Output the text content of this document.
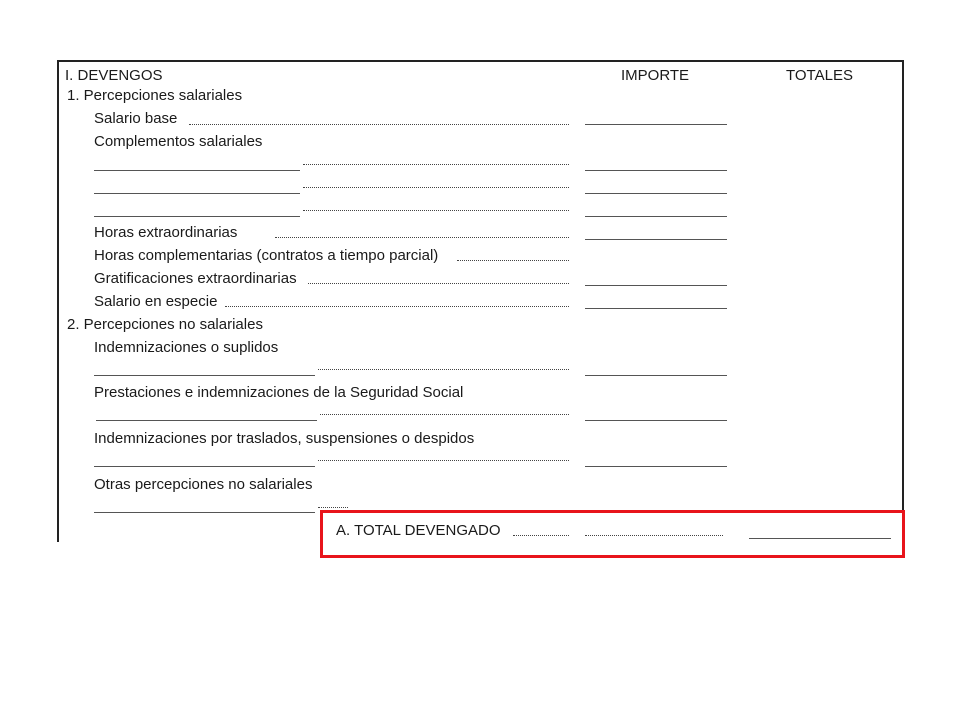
I. DEVENGOS	IMPORTE	TOTALES
1. Percepciones salariales
Salario base
Complementos salariales
Horas extraordinarias
Horas complementarias (contratos a tiempo parcial)
Gratificaciones extraordinarias
Salario en especie
2. Percepciones no salariales
Indemnizaciones o suplidos
Prestaciones e indemnizaciones de la Seguridad Social
Indemnizaciones por traslados, suspensiones o despidos
Otras percepciones no salariales
A. TOTAL DEVENGADO
